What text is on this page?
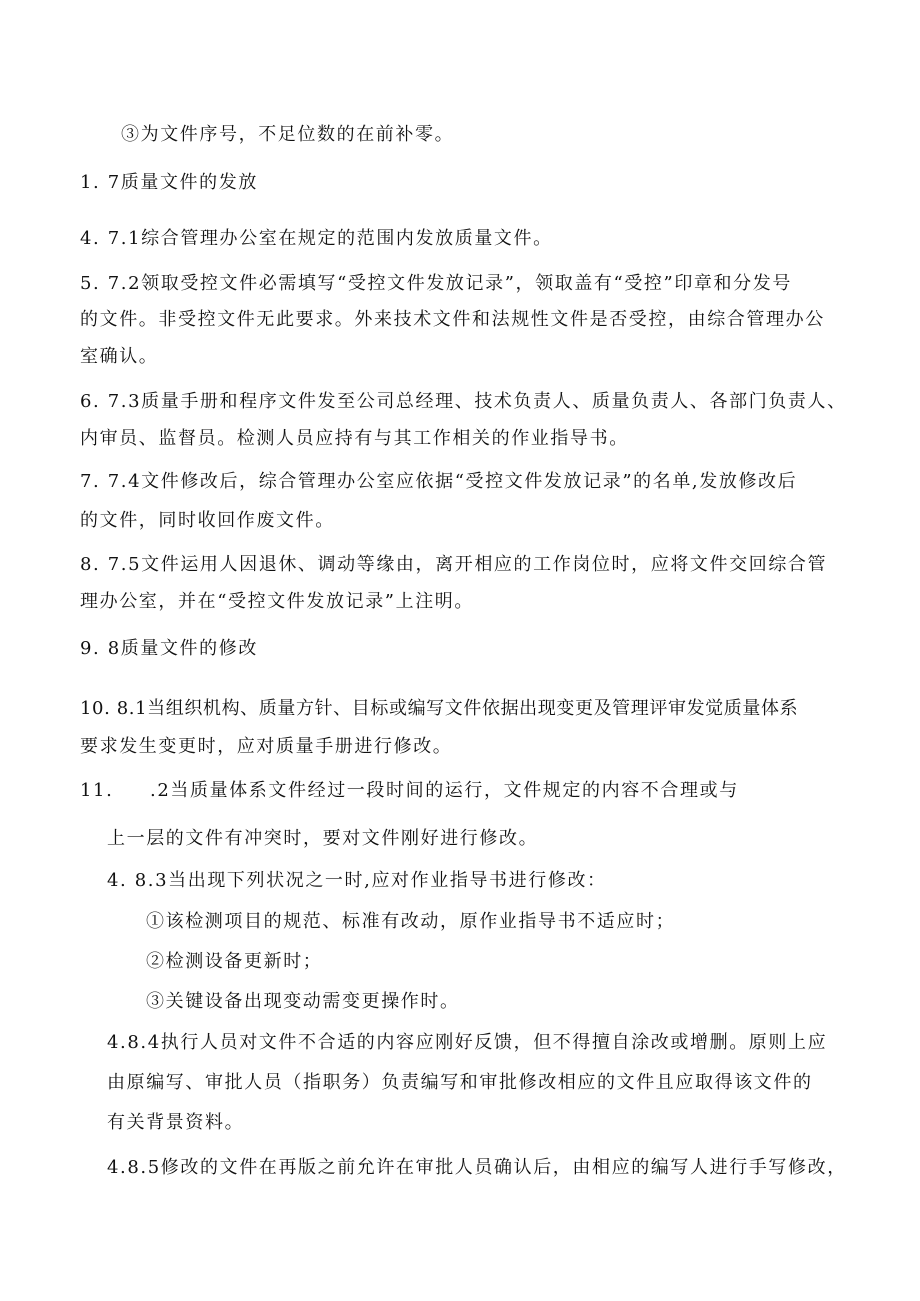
③为文件序号，不足位数的在前补零。
1. 7质量文件的发放
4. 7.1综合管理办公室在规定的范围内发放质量文件。
5. 7.2领取受控文件必需填写“受控文件发放记录”，领取盖有“受控”印章和分发号
的文件。非受控文件无此要求。外来技术文件和法规性文件是否受控，由综合管理办公
室确认。
6. 7.3质量手册和程序文件发至公司总经理、技术负责人、质量负责人、各部门负责人、
内审员、监督员。检测人员应持有与其工作相关的作业指导书。
7. 7.4文件修改后，综合管理办公室应依据“受控文件发放记录”的名单,发放修改后
的文件，同时收回作废文件。
8. 7.5文件运用人因退休、调动等缘由，离开相应的工作岗位时，应将文件交回综合管
理办公室，并在“受控文件发放记录”上注明。
9. 8质量文件的修改
10. 8.1当组织机构、质量方针、目标或编写文件依据出现变更及管理评审发觉质量体系
要求发生变更时，应对质量手册进行修改。
11.     .2当质量体系文件经过一段时间的运行，文件规定的内容不合理或与
上一层的文件有冲突时，要对文件刚好进行修改。
4. 8.3当出现下列状况之一时,应对作业指导书进行修改：
①该检测项目的规范、标准有改动，原作业指导书不适应时；
②检测设备更新时；
③关键设备出现变动需变更操作时。
4.8.4执行人员对文件不合适的内容应刚好反馈，但不得擅自涂改或增删。原则上应
由原编写、审批人员（指职务）负责编写和审批修改相应的文件且应取得该文件的
有关背景资料。
4.8.5修改的文件在再版之前允许在审批人员确认后，由相应的编写人进行手写修改，
